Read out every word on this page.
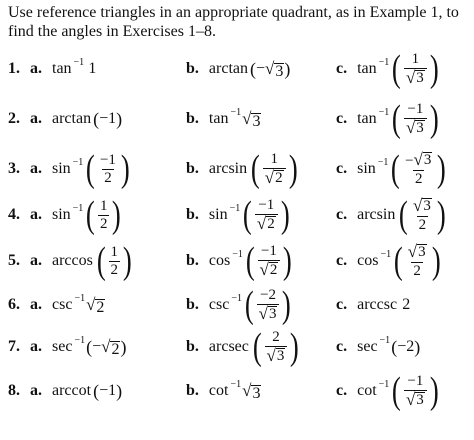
Use reference triangles in an appropriate quadrant, as in Example 1, to find the angles in Exercises 1–8.
1. a. tan −1
  1	b. arctan ( − √ 3 )	c. tan −1 ( $\frac{1}{√ 3}$ )
2. a. arctan ( −1 )	b. tan −1 √ 3	c. tan −1 ( $\frac{-1}{√ 3}$ )
3. a. sin −1 ( $\frac{-1}{2}$ )	b. arcsin ( $\frac{1}{√ 2}$ ) c. sin −1 ( $\frac{- √ 3}{2}$ )
4. a. sin −1 ( $\frac{1}{2}$ )	b. sin −1 ( $\frac{-1}{√ 2}$ )	c. arcsin ( $\frac{√ 3}{2}$ )
5. a. arccos ( $\frac{1}{2}$ )	b. cos −1 ( $\frac{-1}{√ 2}$ )	c. cos −1 ( $\frac{√ 3}{2}$ )
6. a. csc −1 √ 2	b. csc −1 ( $\frac{-2}{√ 3}$ )	c. arccsc
  2
7. a. sec −1 ( − √ 2 )	b. arcsec ( $\frac{2}{√ 3}$ ) c. sec −1 ( −2 )
8. a. arccot ( −1 )	b. cot −1 √ 3	c. cot −1 ( $\frac{-1}{√ 3}$ )
